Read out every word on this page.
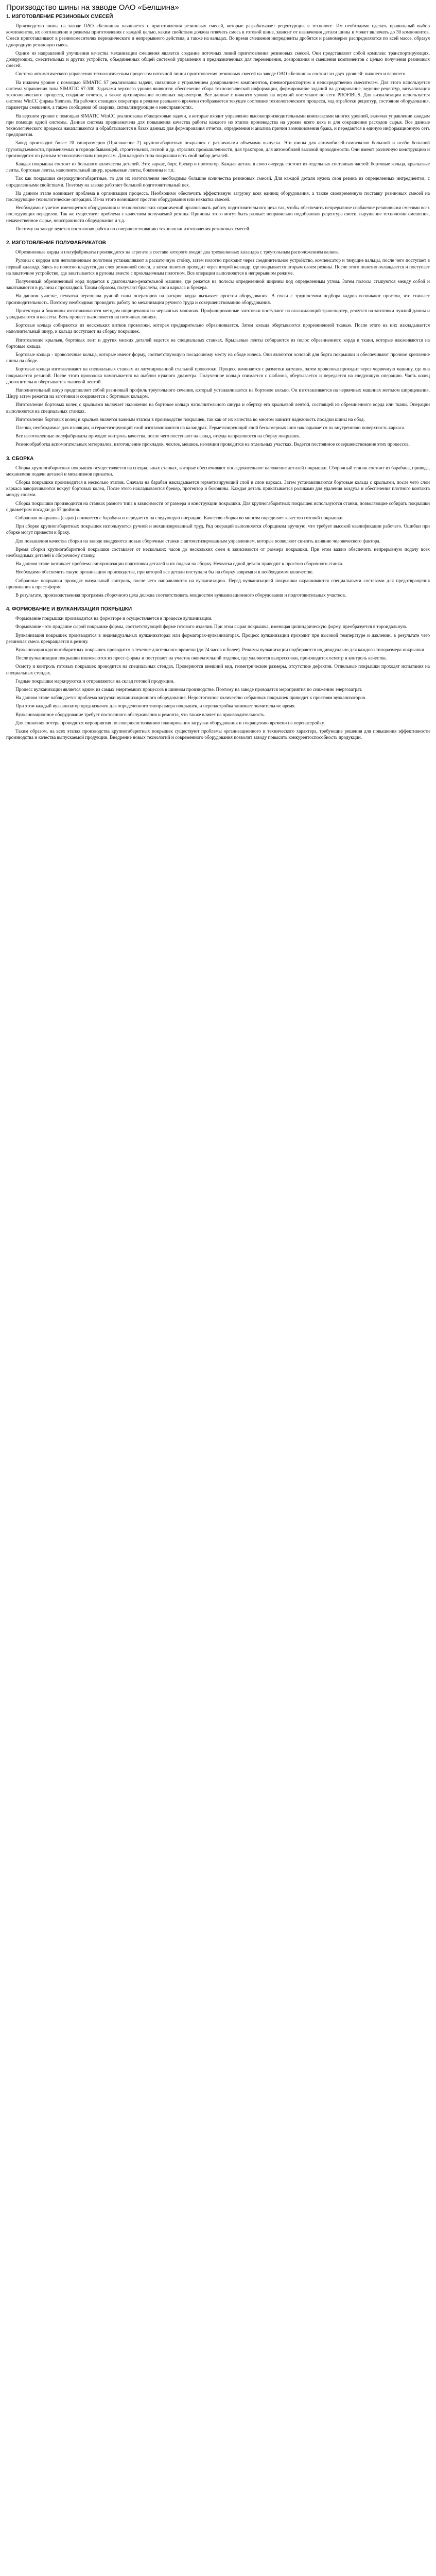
Производство шины на заводе ОАО «Белшина»
1. ИЗГОТОВЛЕНИЕ РЕЗИНОВЫХ СМЕСЕЙ

Производство шины на заводе ОАО «Белшина» начинается с приготовления резиновых смесей, которые разрабатывает рецептурщик в технологе. Им необходимо сделать правильный выбор компонентов, их соотношение и режимы приготовления с каждой целью, каким свойствам должна отвечать смесь в готовой шине, зависит от назначения детали шины и может включать до 30 компонентов. Смеси приготавливают в резиносмесителях периодического и непрерывного действия, а также на вальцах. Во время смешения ингредиенты дробятся и равномерно распределяются по всей массе, образуя однородную резиновую смесь.

Одним из направлений улучшения качества механизации смешения является создание поточных линий приготовления резиновых смесей. Они представляют собой комплекс транспортирующих, дозирующих, смесительных и других устройств, объединенных общей системой управления и предназначенных для перемещения, дозирования и смешения компонентов с целью получения резиновых смесей.

Система автоматического управления технологическим процессом поточной линии приготовления резиновых смесей на заводе ОАО «Белшина» состоит из двух уровней: нижнего и верхнего.

На нижнем уровне с помощью SIMATIC S7 реализованы задачи, связанные с управлением дозированием компонентов, пневмотранспортом и непосредственно смесителем. Для этого используется система управления типа SIMATIC S7-300. Задачами верхнего уровня являются: обеспечение сбора технологической информации, формирование заданий на дозирование, ведение рецептур, визуализация технологического процесса, создание отчетов, а также архивирование основных параметров. Все данные с нижнего уровня на верхний поступают по сети PROFIBUS. Для визуализации используется система WinCC фирмы Siemens. На рабочих станциях оператора в режиме реального времени отображается текущее состояние технологического процесса, ход отработки рецептур, состояние оборудования, параметры смешения, а также сообщения об авариях, сигнализирующие о неисправностях.

На верхнем уровне с помощью SIMATIC WinCC реализованы общецеховые задачи, в которые входит управление высокопроизводительными комплексами многих уровней, включая управление каждым при помощи одной системы. Данная система предназначена для повышения качества работы каждого из этапов производства на уровне всего цеха и для сокращения расходов сырья. Все данные технологического процесса накапливаются и обрабатываются в базах данных для формирования отчетов, определения и анализа причин возникновения брака, и передаются в единую информационную сеть предприятия.

Завод производит более 20 типоразмеров (Приложение 2) крупногабаритных покрышек с различными объемами выпуска. Эти шины для автомобилей-самосвалов большой и особо большой грузоподъемности, применяемых в горнодобывающей, строительной, лесной и др. отраслях промышленности, для тракторов, для автомобилей высокой проходимости. Они имеют различную конструкцию и производятся по разным технологическим процессам. Для каждого типа покрышки есть свой набор деталей.

Каждая покрышка состоит из большого количества деталей. Это: каркас, борт, брекер и протектор. Каждая деталь в свою очередь состоит из отдельных составных частей: бортовые кольца, крыльевые ленты, бортовые ленты, наполнительный шнур, крыльевые ленты, боковины и т.п.

Так как покрышки сверхкрупногабаритные, то для их изготовления необходимы большие количества резиновых смесей. Для каждой детали нужна своя резина из определенных ингредиентов, с определенными свойствами. Поэтому на заводе работает большой подготовительный цех.

На данном этапе возникает проблема в организации процесса. Необходимо обеспечить эффективную загрузку всех единиц оборудования, а также своевременную поставку резиновых смесей на последующие технологические операции. Из-за этого возникают простои оборудования или нехватка смесей.

Необходимо с учетом имеющегося оборудования и технологических ограничений организовать работу подготовительного цеха так, чтобы обеспечить непрерывное снабжение резиновыми смесями всех последующих переделов. Так же существует проблема с качеством получаемой резины. Причины этого могут быть разные: неправильно подобранная рецептура смеси, нарушение технологии смешения, некачественное сырье, неисправности оборудования и т.д.

Поэтому на заводе ведется постоянная работа по совершенствованию технологии изготовления резиновых смесей.

2. ИЗГОТОВЛЕНИЕ ПОЛУФАБРИКАТОВ

Обрезиненные корды и полуфабрикаты производятся на агрегате в составе которого входят два трехвалковых каландра с треугольным расположением валков.

Рулоны с кордом или неполиненным полотном устанавливают в раскаточную стойку, затем полотно проходит через соединительное устройство, компенсатор и тянущие вальцы, после чего поступает в первый каландр. Здесь на полотно кладутся два слоя резиновой смеси, а затем полотно проходит через второй каландр, где покрывается вторым слоем резины. После этого полотно охлаждается и поступает на закаточное устройство, где закатывается в рулоны вместе с прокладочным полотном. Все операции выполняются в непрерывном режиме.

Полученный обрезиненный корд подается к диагонально-резательной машине, где режется на полосы определенной ширины под определенным углом. Затем полосы стыкуются между собой и закатываются в рулоны с прокладкой. Таким образом, получают браслеты, слои каркаса и брекера.

На данном участке, нехватка персонала ручной силы операторов на раскрое корда вызывает простои оборудования. В связи с трудностями подбора кадров возникают простои, что снижает производительность. Поэтому необходимо проводить работу по механизации ручного труда и совершенствованию оборудования.

Протекторы и боковины изготавливаются методом шприцевания на червячных машинах. Профилированные заготовки поступают на охлаждающий транспортер, режутся на заготовки нужной длины и укладываются в кассеты. Весь процесс выполняется на поточных линиях.

Бортовые кольца собираются из нескольких витков проволоки, которая предварительно обрезинивается. Затем кольца обертываются прорезиненной тканью. После этого на них накладывается наполнительный шнур, и кольца поступают на сборку покрышек.

Изготовление крыльев, бортовых лент и других мелких деталей ведется на специальных станках. Крыльевые ленты собираются из полос обрезиненного корда и ткани, которые наклеиваются на бортовые кольца.

Бортовые кольца - проволочные кольца, которые имеют форму, соответствующую посадочному месту на ободе колеса. Они являются основой для борта покрышки и обеспечивают прочное крепление шины на ободе.

Бортовые кольца изготавливают на специальных станках из латунированной стальной проволоки. Процесс начинается с размотки катушек, затем проволока проходит через червячную машину, где она покрывается резиной. После этого проволока наматывается на шаблон нужного диаметра. Полученное кольцо снимается с шаблона, обертывается и передается на следующую операцию. Часть колец дополнительно обертывается тканевой лентой.

Наполнительный шнур представляет собой резиновый профиль треугольного сечения, который устанавливается на бортовое кольцо. Он изготавливается на червячных машинах методом шприцевания. Шнур затем режется на заготовки и соединяется с бортовым кольцом.

Изготовление бортовых колец с крыльями включает наложение на бортовое кольцо наполнительного шнура и обертку его крыльевой лентой, состоящей из обрезиненного корда или ткани. Операции выполняются на специальных станках.

Изготовление бортовых колец и крыльев является важным этапом в производстве покрышек, так как от их качества во многом зависит надежность посадки шины на обод.

Пленки, необходимые для изоляции, и герметизирующий слой изготавливаются на каландрах. Герметизирующий слой бескамерных шин накладывается на внутреннюю поверхность каркаса.

Все изготовленные полуфабрикаты проходят контроль качества, после чего поступают на склад, откуда направляются на сборку покрышек.

Резинообработка вспомогательных материалов, изготовление прокладок, чехлов, мешков, изоляции проводится на отдельных участках. Ведется постоянное совершенствование этих процессов.

3. СБОРКА

Сборка крупногабаритных покрышек осуществляется на специальных станках, которые обеспечивают последовательное наложение деталей покрышки. Сборочный станок состоит из барабана, привода, механизмов подачи деталей и механизмов прикатки.

Сборка покрышки производится в несколько этапов. Сначала на барабан накладывается герметизирующий слой и слои каркаса. Затем устанавливаются бортовые кольца с крыльями, после чего слои каркаса заворачиваются вокруг бортовых колец. После этого накладываются брекер, протектор и боковины. Каждая деталь прикатывается роликами для удаления воздуха и обеспечения плотного контакта между слоями.

Сборка покрышки производится на станках разного типа в зависимости от размера и конструкции покрышки. Для крупногабаритных покрышек используются станки, позволяющие собирать покрышки с диаметром посадки до 57 дюймов.

Собранная покрышка (сырая) снимается с барабана и передается на следующую операцию. Качество сборки во многом определяет качество готовой покрышки.

При сборке крупногабаритных покрышек используются ручной и механизированный труд. Ряд операций выполняется сборщиком вручную, что требует высокой квалификации рабочего. Ошибки при сборке могут привести к браку.

Для повышения качества сборки на заводе внедряются новые сборочные станки с автоматизированным управлением, которые позволяют снизить влияние человеческого фактора.

Время сборки крупногабаритной покрышки составляет от нескольких часов до нескольких смен в зависимости от размера покрышки. При этом важно обеспечить непрерывную подачу всех необходимых деталей к сборочному станку.

На данном этапе возникает проблема синхронизации подготовки деталей и их подачи на сборку. Нехватка одной детали приводит к простою сборочного станка.

Необходимо обеспечить такую организацию производства, при которой все детали поступали бы на сборку вовремя и в необходимом количестве.

Собранные покрышки проходят визуальный контроль, после чего направляются на вулканизацию. Перед вулканизацией покрышки окрашиваются специальными составами для предотвращения прилипания к пресс-форме.

В результате, производственная программа сборочного цеха должна соответствовать мощностям вулканизационного оборудования и подготовительных участков.

4. ФОРМОВАНИЕ И ВУЛКАНИЗАЦИЯ ПОКРЫШКИ

Формование покрышки производится на форматоре и осуществляется в процессе вулканизации.

Формование - это придание сырой покрышке формы, соответствующей форме готового изделия. При этом сырая покрышка, имеющая цилиндрическую форму, преобразуется в тороидальную.

Вулканизация покрышек производится в индивидуальных вулканизаторах или форматорах-вулканизаторах. Процесс вулканизации проходит при высокой температуре и давлении, в результате чего резиновая смесь превращается в резину.

Вулканизация крупногабаритных покрышек проводится в течение длительного времени (до 24 часов и более). Режимы вулканизации подбираются индивидуально для каждого типоразмера покрышки.

После вулканизации покрышки извлекаются из пресс-формы и поступают на участок окончательной отделки, где удаляются выпрессовки, производится осмотр и контроль качества.

Осмотр и контроль готовых покрышек проводится на специальных стендах. Проверяются внешний вид, геометрические размеры, отсутствие дефектов. Отдельные покрышки проходят испытания на специальных стендах.

Годные покрышки маркируются и отправляются на склад готовой продукции.

Процесс вулканизации является одним из самых энергоемких процессов в шинном производстве. Поэтому на заводе проводятся мероприятия по снижению энергозатрат.

На данном этапе наблюдается проблема загрузки вулканизационного оборудования. Недостаточное количество собранных покрышек приводит к простоям вулканизаторов.

При этом каждый вулканизатор предназначен для определенного типоразмера покрышек, и перенастройка занимает значительное время.

Вулканизационное оборудование требует постоянного обслуживания и ремонта, что также влияет на производительность.

Для снижения потерь проводятся мероприятия по совершенствованию планирования загрузки оборудования и сокращению времени на перенастройку.

Таким образом, на всех этапах производства крупногабаритных покрышек существуют проблемы организационного и технического характера, требующие решения для повышения эффективности производства и качества выпускаемой продукции. Внедрение новых технологий и современного оборудования позволит заводу повысить конкурентоспособность продукции.
